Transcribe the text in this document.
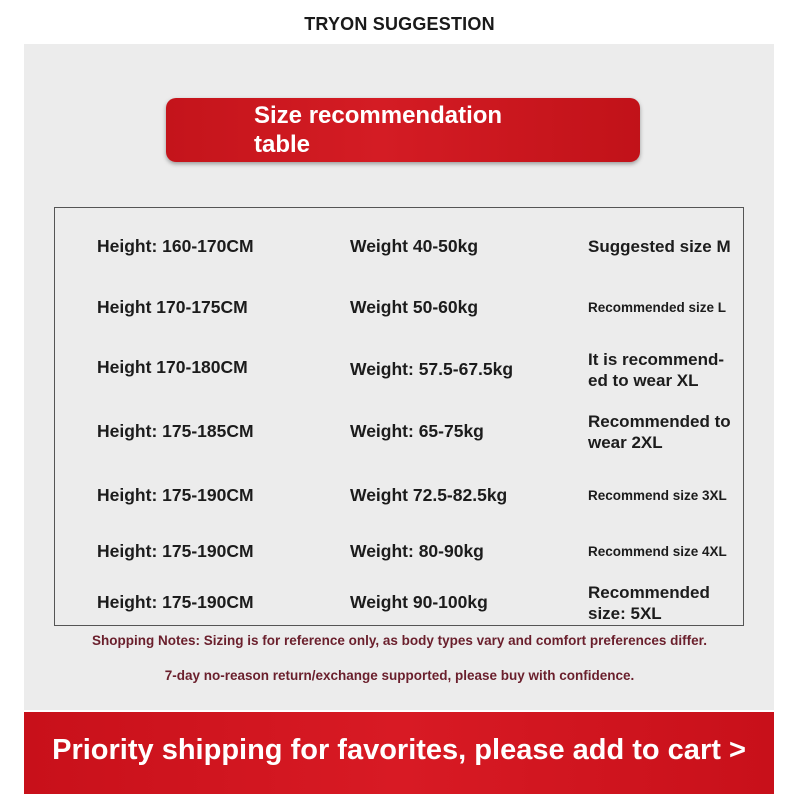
TRYON SUGGESTION
Size recommendation table
Height: 160-170CM	Weight 40-50kg	Suggested size M
Height 170-175CM	Weight 50-60kg	Recommended size L
Height 170-180CM	Weight: 57.5-67.5kg	It is recommend-ed to wear XL
Height: 175-185CM	Weight: 65-75kg	Recommended to wear 2XL
Height: 175-190CM	Weight 72.5-82.5kg	Recommend size 3XL
Height: 175-190CM	Weight: 80-90kg	Recommend size 4XL
Height: 175-190CM	Weight 90-100kg	Recommended size: 5XL
Shopping Notes: Sizing is for reference only, as body types vary and comfort preferences differ.
7-day no-reason return/exchange supported, please buy with confidence.
Priority shipping for favorites, please add to cart >
